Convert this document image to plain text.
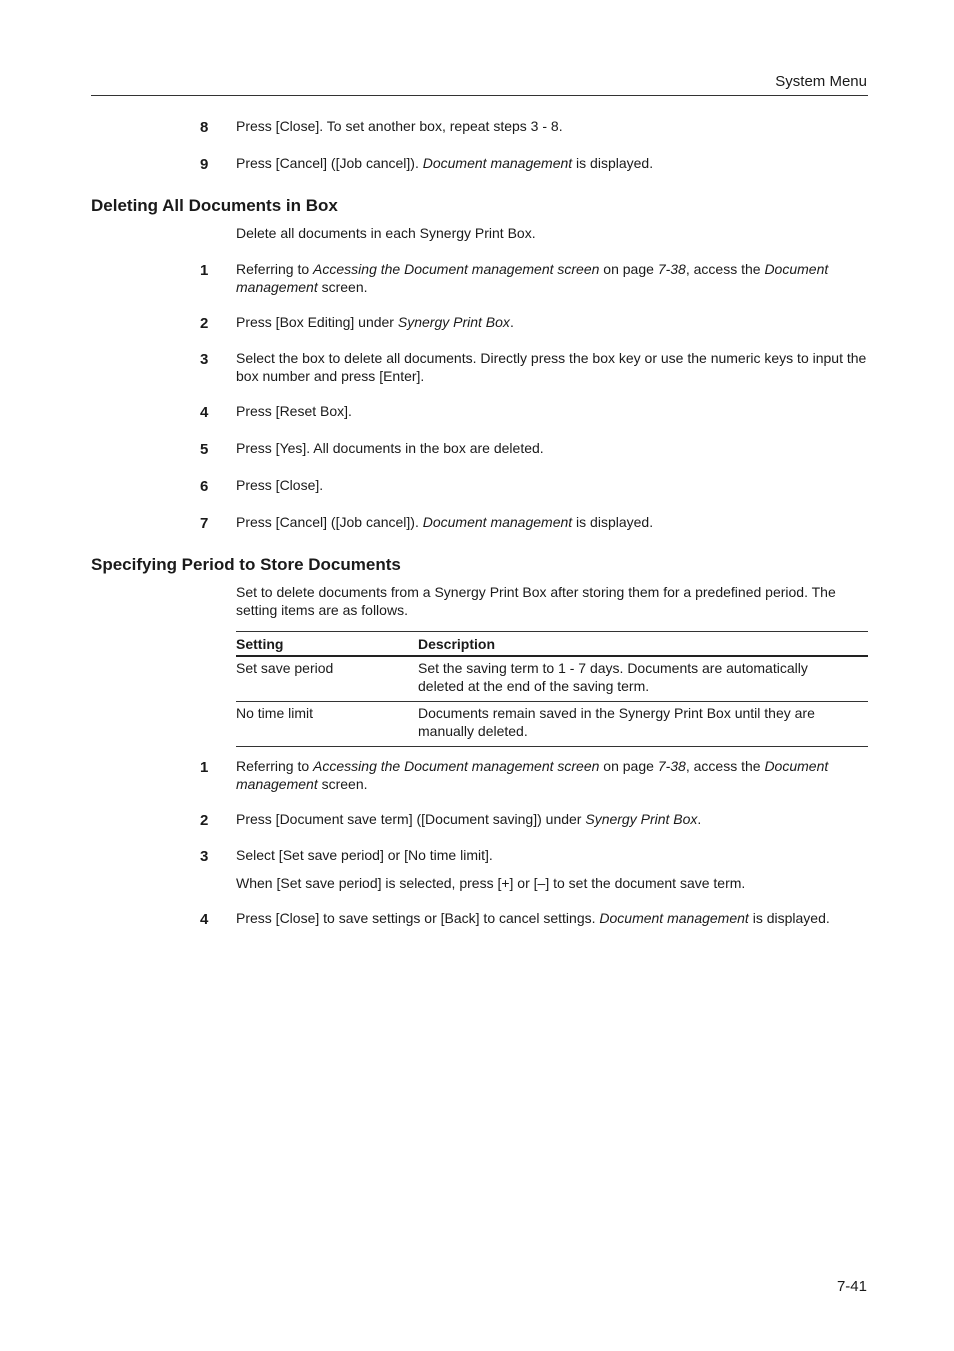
System Menu
8 Press [Close]. To set another box, repeat steps 3 - 8.
9 Press [Cancel] ([Job cancel]). Document management is displayed.
Deleting All Documents in Box
Delete all documents in each Synergy Print Box.
1 Referring to Accessing the Document management screen on page 7-38, access the Document management screen.
2 Press [Box Editing] under Synergy Print Box.
3 Select the box to delete all documents. Directly press the box key or use the numeric keys to input the box number and press [Enter].
4 Press [Reset Box].
5 Press [Yes]. All documents in the box are deleted.
6 Press [Close].
7 Press [Cancel] ([Job cancel]). Document management is displayed.
Specifying Period to Store Documents
Set to delete documents from a Synergy Print Box after storing them for a predefined period. The setting items are as follows.
Setting	Description
Set save period	Set the saving term to 1 - 7 days. Documents are automatically deleted at the end of the saving term.
No time limit	Documents remain saved in the Synergy Print Box until they are manually deleted.
1 Referring to Accessing the Document management screen on page 7-38, access the Document management screen.
2 Press [Document save term] ([Document saving]) under Synergy Print Box.
3 Select [Set save period] or [No time limit].
When [Set save period] is selected, press [+] or [–] to set the document save term.
4 Press [Close] to save settings or [Back] to cancel settings. Document management is displayed.
7-41
